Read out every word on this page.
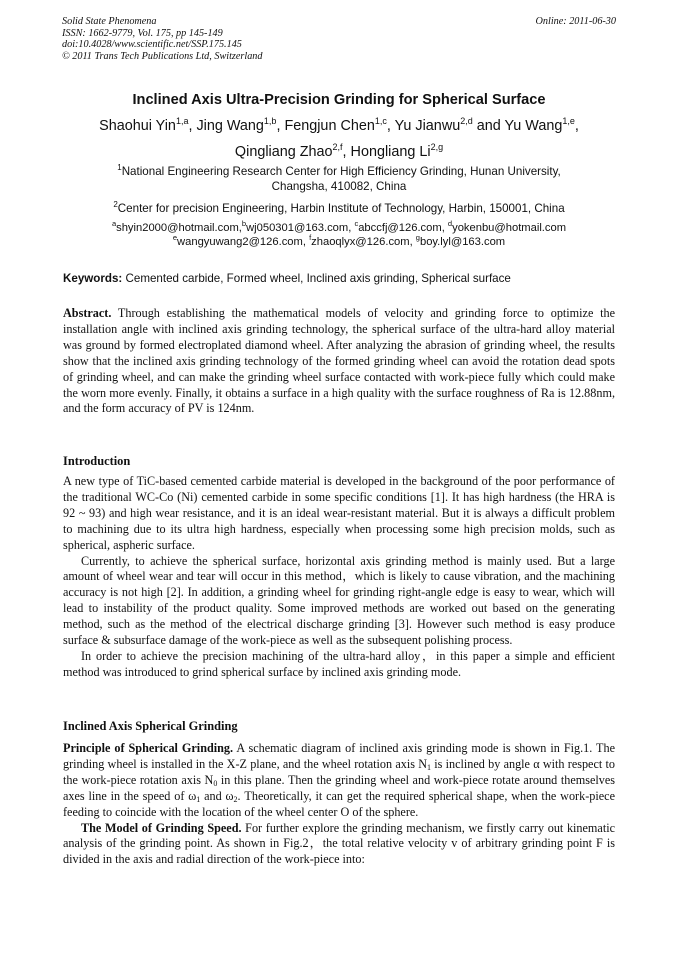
Solid State Phenomena
ISSN: 1662-9779, Vol. 175, pp 145-149
doi:10.4028/www.scientific.net/SSP.175.145
© 2011 Trans Tech Publications Ltd, Switzerland
Online: 2011-06-30
Inclined Axis Ultra-Precision Grinding for Spherical Surface
Shaohui Yin$^{1,a}$, Jing Wang$^{1,b}$, Fengjun Chen$^{1,c}$, Yu Jianwu$^{2,d}$ and Yu Wang$^{1,e}$,
Qingliang Zhao$^{2,f}$, Hongliang Li$^{2,g}$
$^1$National Engineering Research Center for High Efficiency Grinding, Hunan University,
Changsha, 410082, China
$^2$Center for precision Engineering, Harbin Institute of Technology, Harbin, 150001, China
$^a$shyin2000@hotmail.com,$^b$wj050301@163.com, $^c$abccfj@126.com, $^d$yokenbu@hotmail.com
$^e$wangyuwang2@126.com, $^f$zhaoqlyx@126.com, $^g$boy.lyl@163.com
Keywords: Cemented carbide, Formed wheel, Inclined axis grinding, Spherical surface

Abstract. Through establishing the mathematical models of velocity and grinding force to optimize the installation angle with inclined axis grinding technology, the spherical surface of the ultra-hard alloy material was ground by formed electroplated diamond wheel. After analyzing the abrasion of grinding wheel, the results show that the inclined axis grinding technology of the formed grinding wheel can avoid the rotation dead spots of grinding wheel, and can make the grinding wheel surface contacted with work-piece fully which could make the worn more evenly. Finally, it obtains a surface in a high quality with the surface roughness of Ra is 12.88nm, and the form accuracy of PV is 124nm.

Introduction

A new type of TiC-based cemented carbide material is developed in the background of the poor performance of the traditional WC-Co (Ni) cemented carbide in some specific conditions [1]. It has high hardness (the HRA is 92 ~ 93) and high wear resistance, and it is an ideal wear-resistant material. But it is always a difficult problem to machining due to its ultra high hardness, especially when processing some high precision molds, such as spherical, aspheric surface.

Currently, to achieve the spherical surface, horizontal axis grinding method is mainly used. But a large amount of wheel wear and tear will occur in this method，which is likely to cause vibration, and the machining accuracy is not high [2]. In addition, a grinding wheel for grinding right-angle edge is easy to wear, which will lead to instability of the product quality. Some improved methods are worked out based on the generating method, such as the method of the electrical discharge grinding [3]. However such method is easy produce surface & subsurface damage of the work-piece as well as the subsequent polishing process.

In order to achieve the precision machining of the ultra-hard alloy，in this paper a simple and efficient method was introduced to grind spherical surface by inclined axis grinding mode.

Inclined Axis Spherical Grinding

Principle of Spherical Grinding. A schematic diagram of inclined axis grinding mode is shown in Fig.1. The grinding wheel is installed in the X-Z plane, and the wheel rotation axis $N_1$ is inclined by angle α with respect to the work-piece rotation axis $N_0$ in this plane. Then the grinding wheel and work-piece rotate around themselves axes line in the speed of $\omega_1$ and $\omega_2$. Theoretically, it can get the required spherical shape, when the work-piece feeding to coincide with the location of the wheel center O of the sphere.

The Model of Grinding Speed. For further explore the grinding mechanism, we firstly carry out kinematic analysis of the grinding point. As shown in Fig.2，the total relative velocity v of arbitrary grinding point F is divided in the axis and radial direction of the work-piece into:
